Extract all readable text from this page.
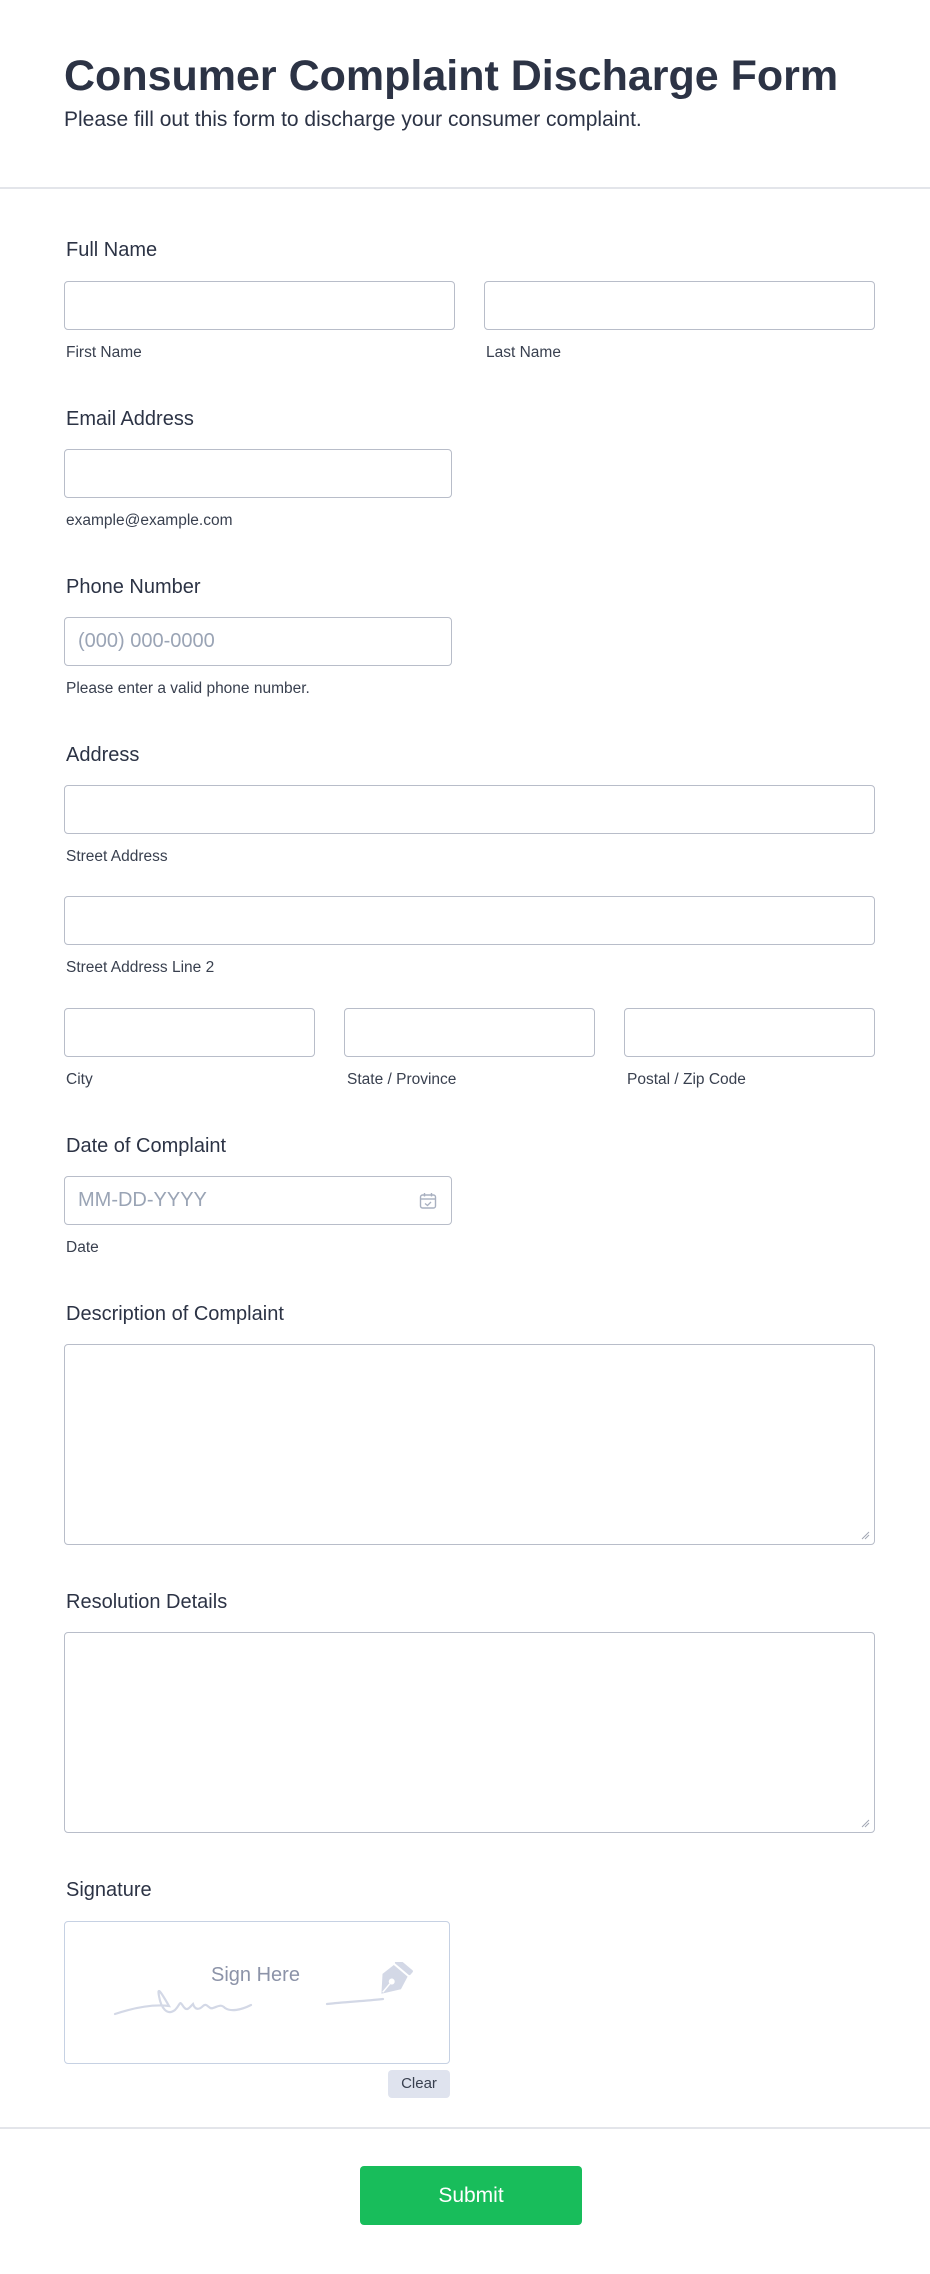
Consumer Complaint Discharge Form
Please fill out this form to discharge your consumer complaint.
Full Name
First Name	Last Name
Email Address
example@example.com
Phone Number
(000) 000-0000
Please enter a valid phone number.
Address
Street Address
Street Address Line 2
City	State / Province	Postal / Zip Code
Date of Complaint
MM-DD-YYYY
Date
Description of Complaint
Resolution Details
Signature
Sign Here
Clear
Submit
